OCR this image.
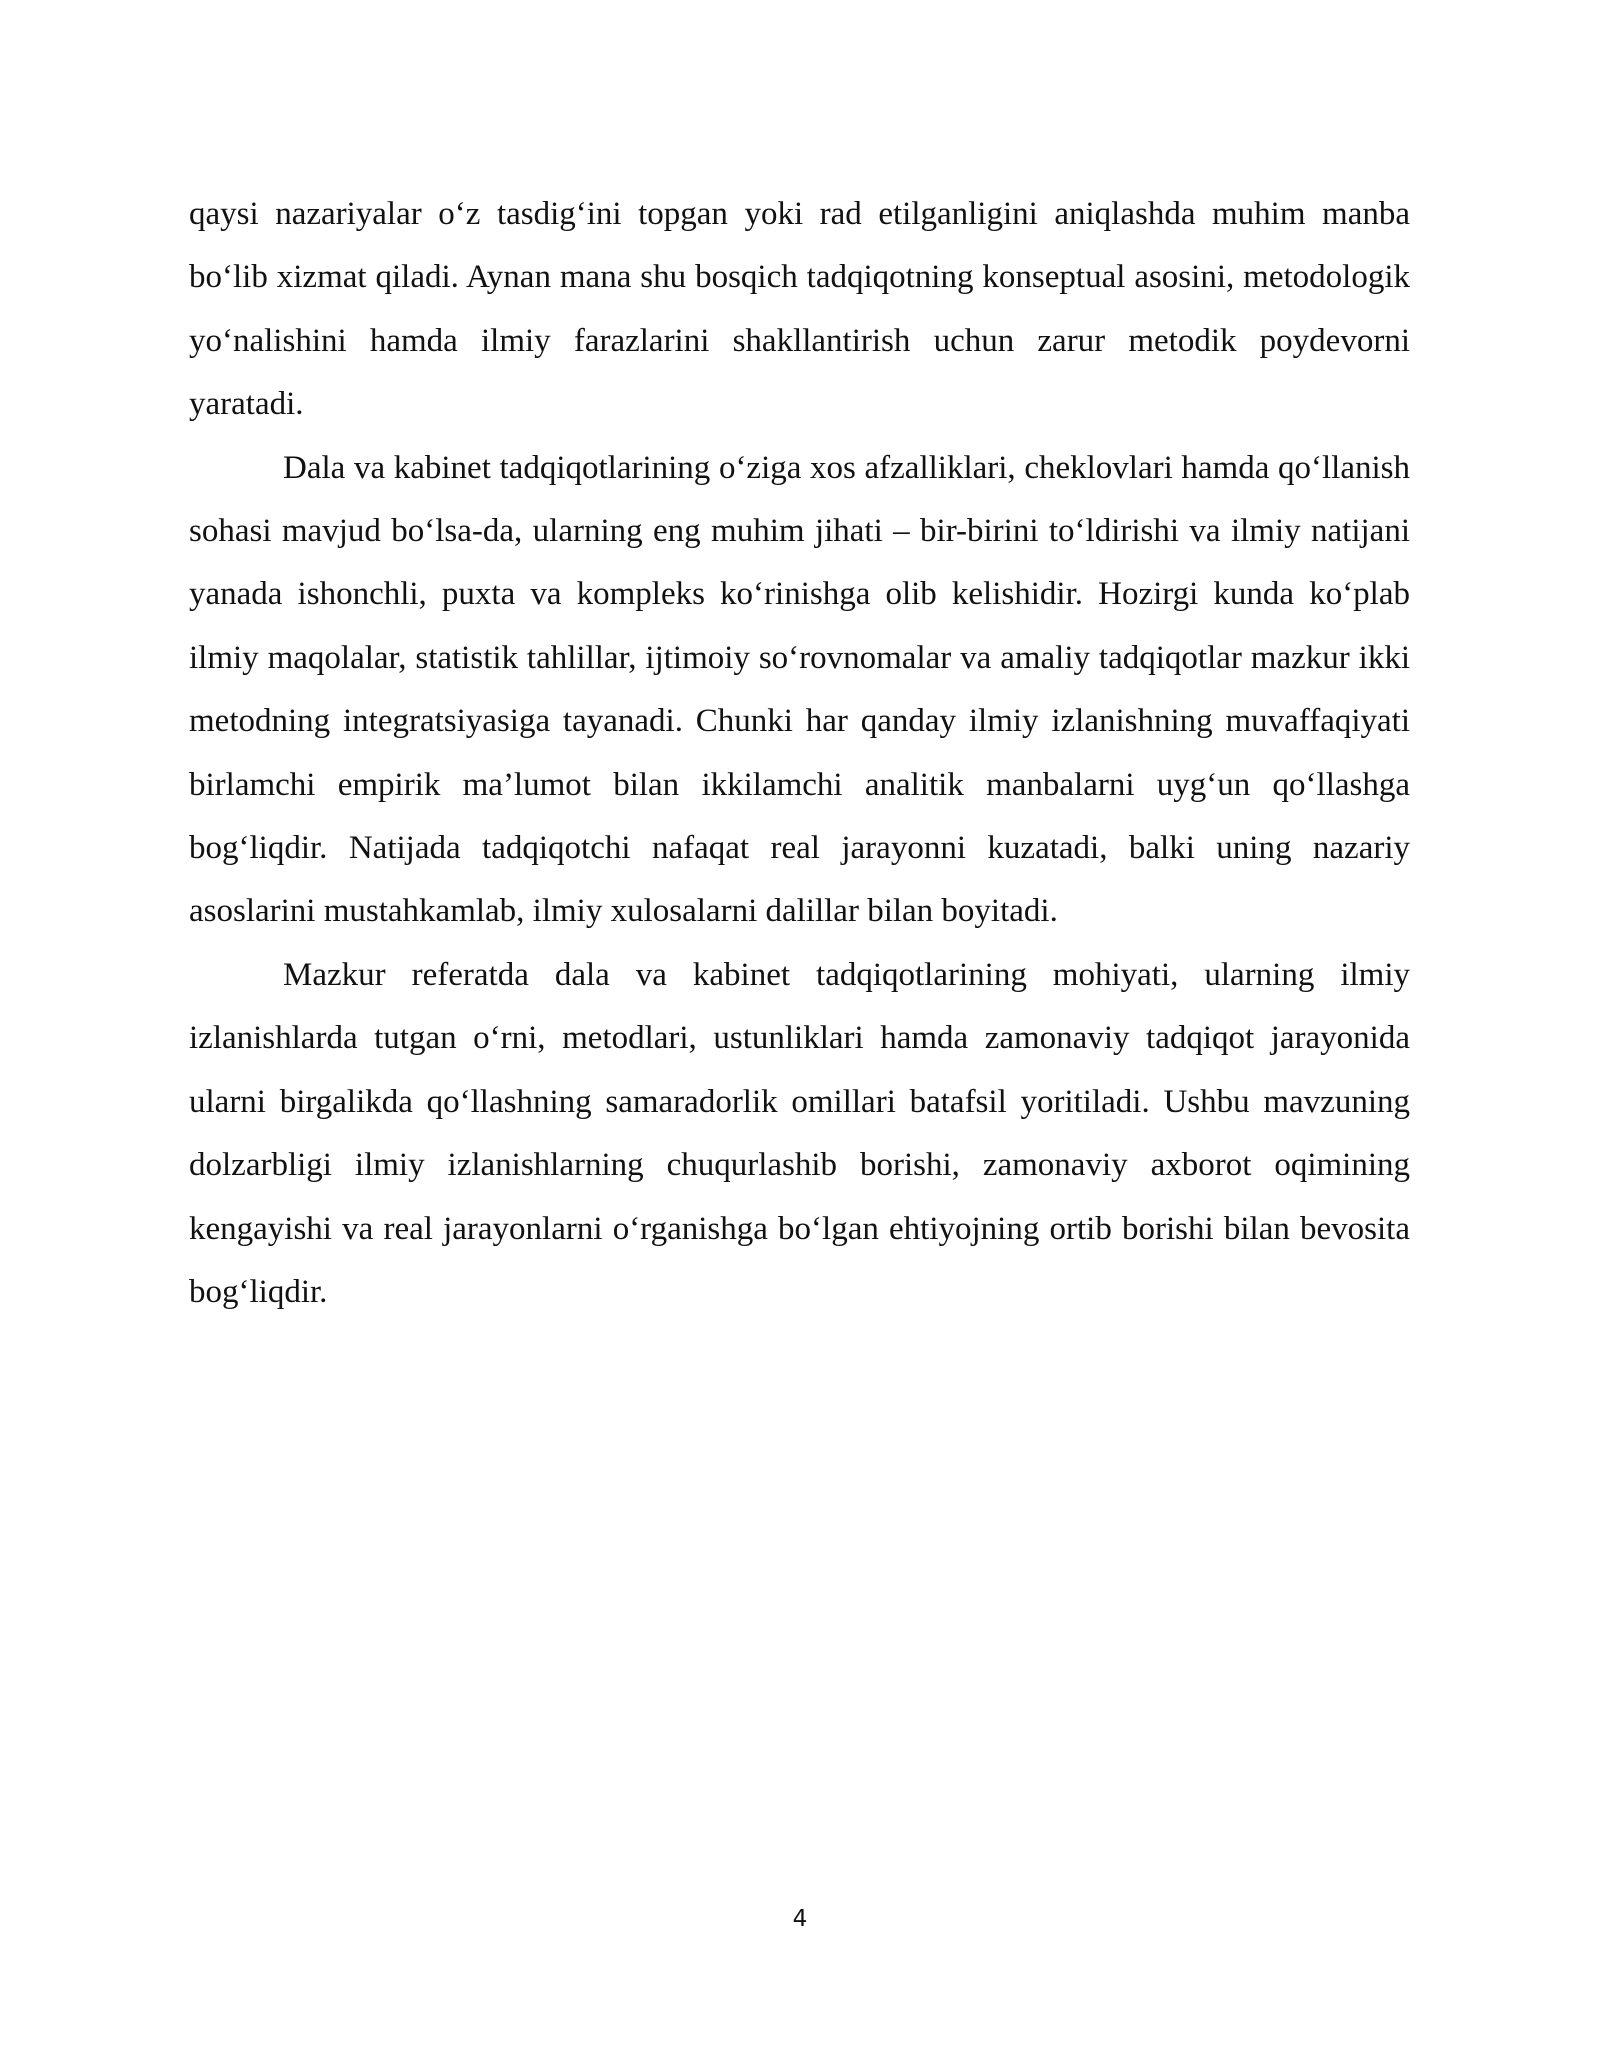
qaysi nazariyalar o‘z tasdig‘ini topgan yoki rad etilganligini aniqlashda muhim manba bo‘lib xizmat qiladi. Aynan mana shu bosqich tadqiqotning konseptual asosini, metodologik yo‘nalishini hamda ilmiy farazlarini shakllantirish uchun zarur metodik poydevorni yaratadi.

Dala va kabinet tadqiqotlarining o‘ziga xos afzalliklari, cheklovlari hamda qo‘llanish sohasi mavjud bo‘lsa-da, ularning eng muhim jihati – bir-birini to‘ldirishi va ilmiy natijani yanada ishonchli, puxta va kompleks ko‘rinishga olib kelishidir. Hozirgi kunda ko‘plab ilmiy maqolalar, statistik tahlillar, ijtimoiy so‘rovnomalar va amaliy tadqiqotlar mazkur ikki metodning integratsiyasiga tayanadi. Chunki har qanday ilmiy izlanishning muvaffaqiyati birlamchi empirik ma’lumot bilan ikkilamchi analitik manbalarni uyg‘un qo‘llashga bog‘liqdir. Natijada tadqiqotchi nafaqat real jarayonni kuzatadi, balki uning nazariy asoslarini mustahkamlab, ilmiy xulosalarni dalillar bilan boyitadi.

Mazkur referatda dala va kabinet tadqiqotlarining mohiyati, ularning ilmiy izlanishlarda tutgan o‘rni, metodlari, ustunliklari hamda zamonaviy tadqiqot jarayonida ularni birgalikda qo‘llashning samaradorlik omillari batafsil yoritiladi. Ushbu mavzuning dolzarbligi ilmiy izlanishlarning chuqurlashib borishi, zamonaviy axborot oqimining kengayishi va real jarayonlarni o‘rganishga bo‘lgan ehtiyojning ortib borishi bilan bevosita bog‘liqdir.

4
